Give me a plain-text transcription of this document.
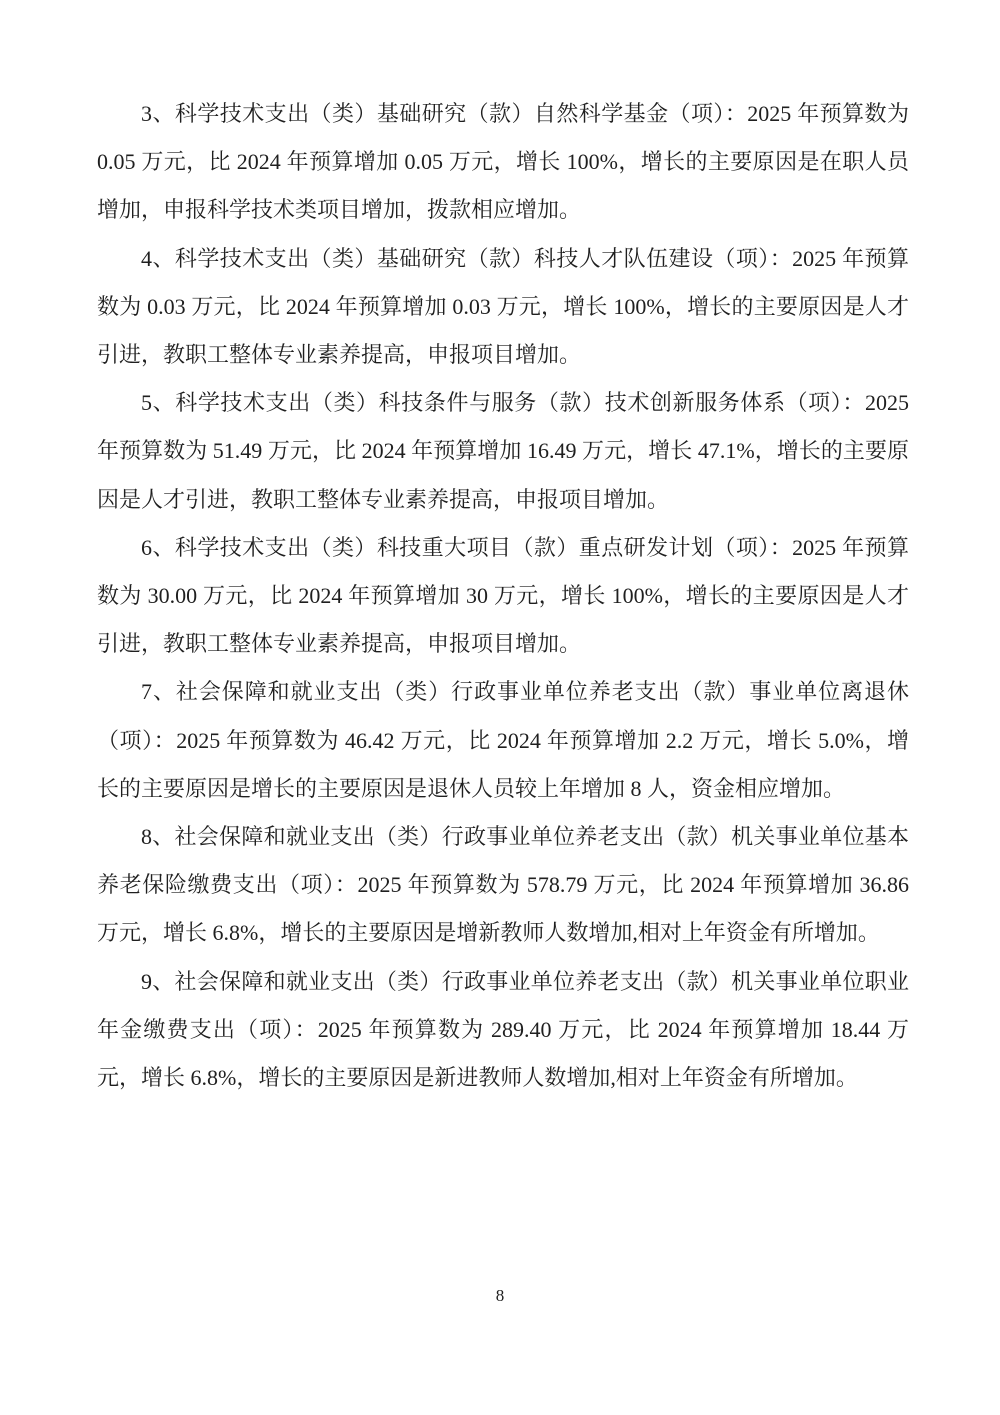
3、科学技术支出（类）基础研究（款）自然科学基金（项）：2025 年预算数为 0.05 万元，比 2024 年预算增加 0.05 万元，增长 100%，增长的主要原因是在职人员增加，申报科学技术类项目增加，拨款相应增加。

4、科学技术支出（类）基础研究（款）科技人才队伍建设（项）：2025 年预算数为 0.03 万元，比 2024 年预算增加 0.03 万元，增长 100%，增长的主要原因是人才引进，教职工整体专业素养提高，申报项目增加。

5、科学技术支出（类）科技条件与服务（款）技术创新服务体系（项）：2025 年预算数为 51.49 万元，比 2024 年预算增加 16.49 万元，增长 47.1%，增长的主要原因是人才引进，教职工整体专业素养提高，申报项目增加。

6、科学技术支出（类）科技重大项目（款）重点研发计划（项）：2025 年预算数为 30.00 万元，比 2024 年预算增加 30 万元，增长 100%，增长的主要原因是人才引进，教职工整体专业素养提高，申报项目增加。

7、社会保障和就业支出（类）行政事业单位养老支出（款）事业单位离退休（项）：2025 年预算数为 46.42 万元，比 2024 年预算增加 2.2 万元，增长 5.0%，增长的主要原因是增长的主要原因是退休人员较上年增加 8 人，资金相应增加。

8、社会保障和就业支出（类）行政事业单位养老支出（款）机关事业单位基本养老保险缴费支出（项）：2025 年预算数为 578.79 万元，比 2024 年预算增加 36.86 万元，增长 6.8%，增长的主要原因是增新教师人数增加,相对上年资金有所增加。

9、社会保障和就业支出（类）行政事业单位养老支出（款）机关事业单位职业年金缴费支出（项）：2025 年预算数为 289.40 万元，比 2024 年预算增加 18.44 万元，增长 6.8%，增长的主要原因是新进教师人数增加,相对上年资金有所增加。

8
